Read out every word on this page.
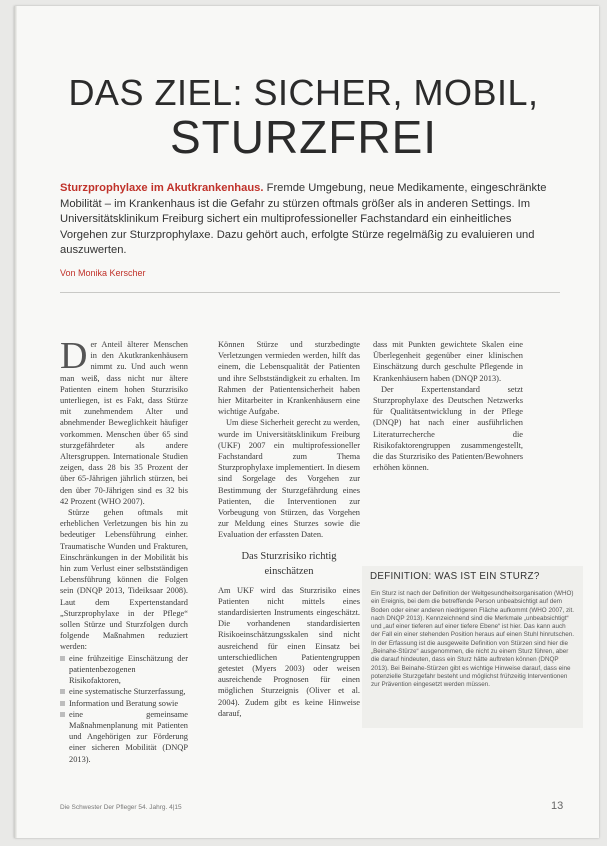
DAS ZIEL: SICHER, MOBIL,
STURZFREI
Sturzprophylaxe im Akutkrankenhaus. Fremde Umgebung, neue Medikamente, eingeschränkte Mobilität – im Krankenhaus ist die Gefahr zu stürzen oftmals größer als in anderen Settings. Im Universitätsklinikum Freiburg sichert ein multiprofessioneller Fachstandard ein einheitliches Vorgehen zur Sturzprophylaxe. Dazu gehört auch, erfolgte Stürze regelmäßig zu evaluieren und auszuwerten.
Von Monika Kerscher

Der Anteil älterer Menschen in den Akutkrankenhäusern nimmt zu. Und auch wenn man weiß, dass nicht nur ältere Patienten einem hohen Sturzrisiko unterliegen, ist es Fakt, dass Stürze mit zunehmendem Alter und abnehmender Beweglichkeit häufiger vorkommen. Menschen über 65 sind sturzgefährdeter als andere Altersgruppen. Internationale Studien zeigen, dass 28 bis 35 Prozent der über 65-Jährigen jährlich stürzen, bei den über 70-Jährigen sind es 32 bis 42 Prozent (WHO 2007).

Stürze gehen oftmals mit erheblichen Verletzungen bis hin zu bedeutiger Lebensführung einher. Traumatische Wunden und Frakturen, Einschränkungen in der Mobilität bis hin zum Verlust einer selbstständigen Lebensführung können die Folgen sein (DNQP 2013, Tideiksaar 2008). Laut dem Expertenstandard „Sturzprophylaxe in der Pflege“ sollen Stürze und Sturzfolgen durch folgende Maßnahmen reduziert werden:

eine frühzeitige Einschätzung der patientenbezogenen Risikofaktoren,
eine systematische Sturzerfassung,
Information und Beratung sowie
eine gemeinsame Maßnahmenplanung mit Patienten und Angehörigen zur Förderung einer sicheren Mobilität (DNQP 2013).

Können Stürze und sturzbedingte Verletzungen vermieden werden, hilft das einem, die Lebensqualität der Patienten und ihre Selbstständigkeit zu erhalten. Im Rahmen der Patientensicherheit haben hier Mitarbeiter in Krankenhäusern eine wichtige Aufgabe.

Um diese Sicherheit gerecht zu werden, wurde im Universitätsklinikum Freiburg (UKF) 2007 ein multiprofessioneller Fachstandard zum Thema Sturzprophylaxe implementiert. In diesem sind Sorgelage des Vorgehen zur Bestimmung der Sturzgefährdung eines Patienten, die Interventionen zur Vorbeugung von Stürzen, das Vorgehen zur Meldung eines Sturzes sowie die Evaluation der erfassten Daten.

Das Sturzrisiko richtig
einschätzen

Am UKF wird das Sturzrisiko eines Patienten nicht mittels eines standardisierten Instruments eingeschätzt. Die vorhandenen standardisierten Risikoeinschätzungsskalen sind nicht ausreichend für einen Einsatz bei unterschiedlichen Patientengruppen getestet (Myers 2003) oder weisen ausreichende Prognosen für einen möglichen Sturzeignis (Oliver et al. 2004). Zudem gibt es keine Hinweise darauf,

dass mit Punkten gewichtete Skalen eine Überlegenheit gegenüber einer klinischen Einschätzung durch geschulte Pflegende in Krankenhäusern haben (DNQP 2013).

Der Expertenstandard setzt Sturzprophylaxe des Deutschen Netzwerks für Qualitätsentwicklung in der Pflege (DNQP) hat nach einer ausführlichen Literaturrecherche die Risikofaktorengruppen zusammengestellt, die das Sturzrisiko des Patienten/Bewohners erhöhen können.

DEFINITION: WAS IST EIN STURZ?
Ein Sturz ist nach der Definition der Weltgesundheitsorganisation (WHO) ein Ereignis, bei dem die betreffende Person unbeabsichtigt auf dem Boden oder einer anderen niedrigeren Fläche aufkommt (WHO 2007, zit. nach DNQP 2013). Kennzeichnend sind die Merkmale „unbeabsichtigt“ und „auf einer tieferen auf einer tiefere Ebene“ ist hier. Das kann auch der Fall ein einer stehenden Position heraus auf einen Stuhl hinrutschen. In der Erfassung ist die ausgeweite Definition von Stürzen sind hier die „Beinahe-Stürze“ ausgenommen, die nicht zu einem Sturz führen, aber die darauf hindeuten, dass ein Sturz hätte auftreten können (DNQP 2013). Bei Beinahe-Stürzen gibt es wichtige Hinweise darauf, dass eine potenzielle Sturzgefahr besteht und möglichst frühzeitig Interventionen zur Prävention eingesetzt werden müssen.
Die Schwester Der Pfleger 54. Jahrg. 4|15	13
